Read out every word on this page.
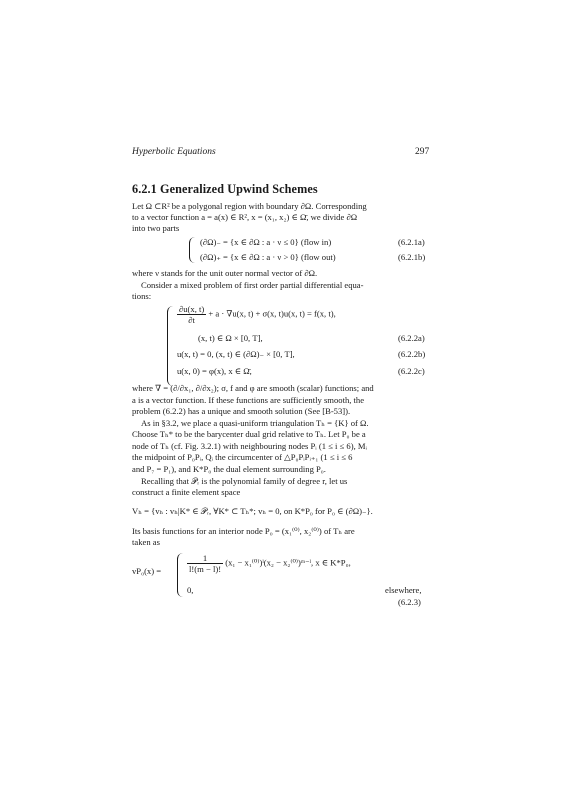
Hyperbolic Equations	297
6.2.1 Generalized Upwind Schemes
Let Ω ⊂R² be a polygonal region with boundary ∂Ω. Corresponding
to a vector function a = a(x) ∈ R², x = (x₁, x₂) ∈ Ω̄, we divide ∂Ω
into two parts
(∂Ω)₋ = {x ∈ ∂Ω : a · ν ≤ 0} (flow in)	(6.2.1a)
(∂Ω)₊ = {x ∈ ∂Ω : a · ν > 0} (flow out)	(6.2.1b)
where ν stands for the unit outer normal vector of ∂Ω.
Consider a mixed problem of first order partial differential equa-
tions:
$\frac{\partial u(x, t)}{\partial t} + a \cdot \nabla u(x$, t) + σ(x, t)u(x, t) = f(x, t),
(x, t) ∈ Ω × [0, T],	(6.2.2a)
u(x, t) = 0, (x, t) ∈ (∂Ω)₋ × [0, T],	(6.2.2b)
u(x, 0) = φ(x), x ∈ Ω̄,	(6.2.2c)
where ∇ = (∂/∂x₁, ∂/∂x₂); σ, f and φ are smooth (scalar) functions; and
a is a vector function. If these functions are sufficiently smooth, the
problem (6.2.2) has a unique and smooth solution (See [B-53]).
As in §3.2, we place a quasi-uniform triangulation Tₕ = {K} of Ω.
Choose Tₕ* to be the barycenter dual grid relative to Tₕ. Let P₀ be a
node of Tₕ (cf. Fig. 3.2.1) with neighbouring nodes Pᵢ (1 ≤ i ≤ 6), Mᵢ
the midpoint of P₀Pᵢ, Qᵢ the circumcenter of △P₀PᵢPᵢ₊₁ (1 ≤ i ≤ 6
and P₇ = P₁), and K*P₀ the dual element surrounding P₀.
Recalling that 𝒫ᵣ is the polynomial family of degree r, let us
construct a finite element space
Vₕ = {vₕ : vₕ|K* ∈ 𝒫ᵣ, ∀K* ⊂ Tₕ*; vₕ = 0, on K*P₀ for P₀ ∈ (∂Ω)₋}.
Its basis functions for an interior node P₀ = (x₁⁽⁰⁾, x₂⁽⁰⁾) of Tₕ are
taken as
vP₀(x) =	$\frac{1}{l!(m - l)!} (x_1$ − x₁⁽⁰⁾)ˡ(x₂ − x₂⁽⁰⁾)ᵐ⁻ˡ, x ∈ K*P₀,
0,	elsewhere,
(6.2.3)
